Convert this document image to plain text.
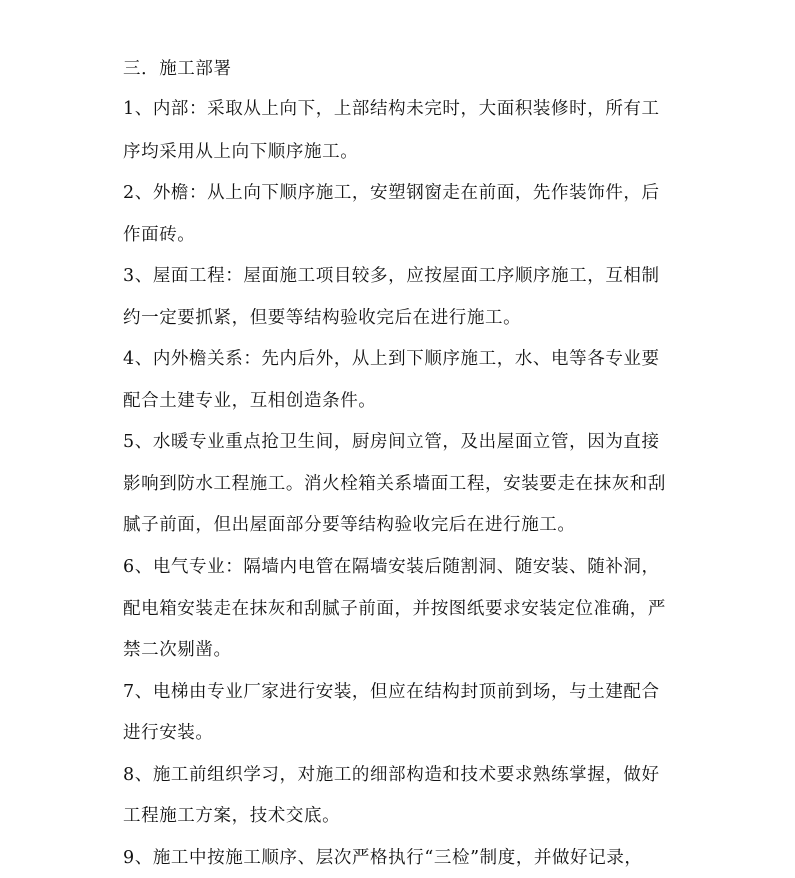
三．施工部署
1、内部：采取从上向下，上部结构未完时，大面积装修时，所有工
序均采用从上向下顺序施工。
2、外檐：从上向下顺序施工，安塑钢窗走在前面，先作装饰件，后
作面砖。
3、屋面工程：屋面施工项目较多，应按屋面工序顺序施工，互相制
约一定要抓紧，但要等结构验收完后在进行施工。
4、内外檐关系：先内后外，从上到下顺序施工，水、电等各专业要
配合土建专业，互相创造条件。
5、水暖专业重点抢卫生间，厨房间立管，及出屋面立管，因为直接
影响到防水工程施工。消火栓箱关系墙面工程，安装要走在抹灰和刮
腻子前面，但出屋面部分要等结构验收完后在进行施工。
6、电气专业：隔墙内电管在隔墙安装后随割洞、随安装、随补洞，
配电箱安装走在抹灰和刮腻子前面，并按图纸要求安装定位准确，严
禁二次剔凿。
7、电梯由专业厂家进行安装，但应在结构封顶前到场，与土建配合
进行安装。
8、施工前组织学习，对施工的细部构造和技术要求熟练掌握，做好
工程施工方案，技术交底。
9、施工中按施工顺序、层次严格执行“三检”制度，并做好记录，
